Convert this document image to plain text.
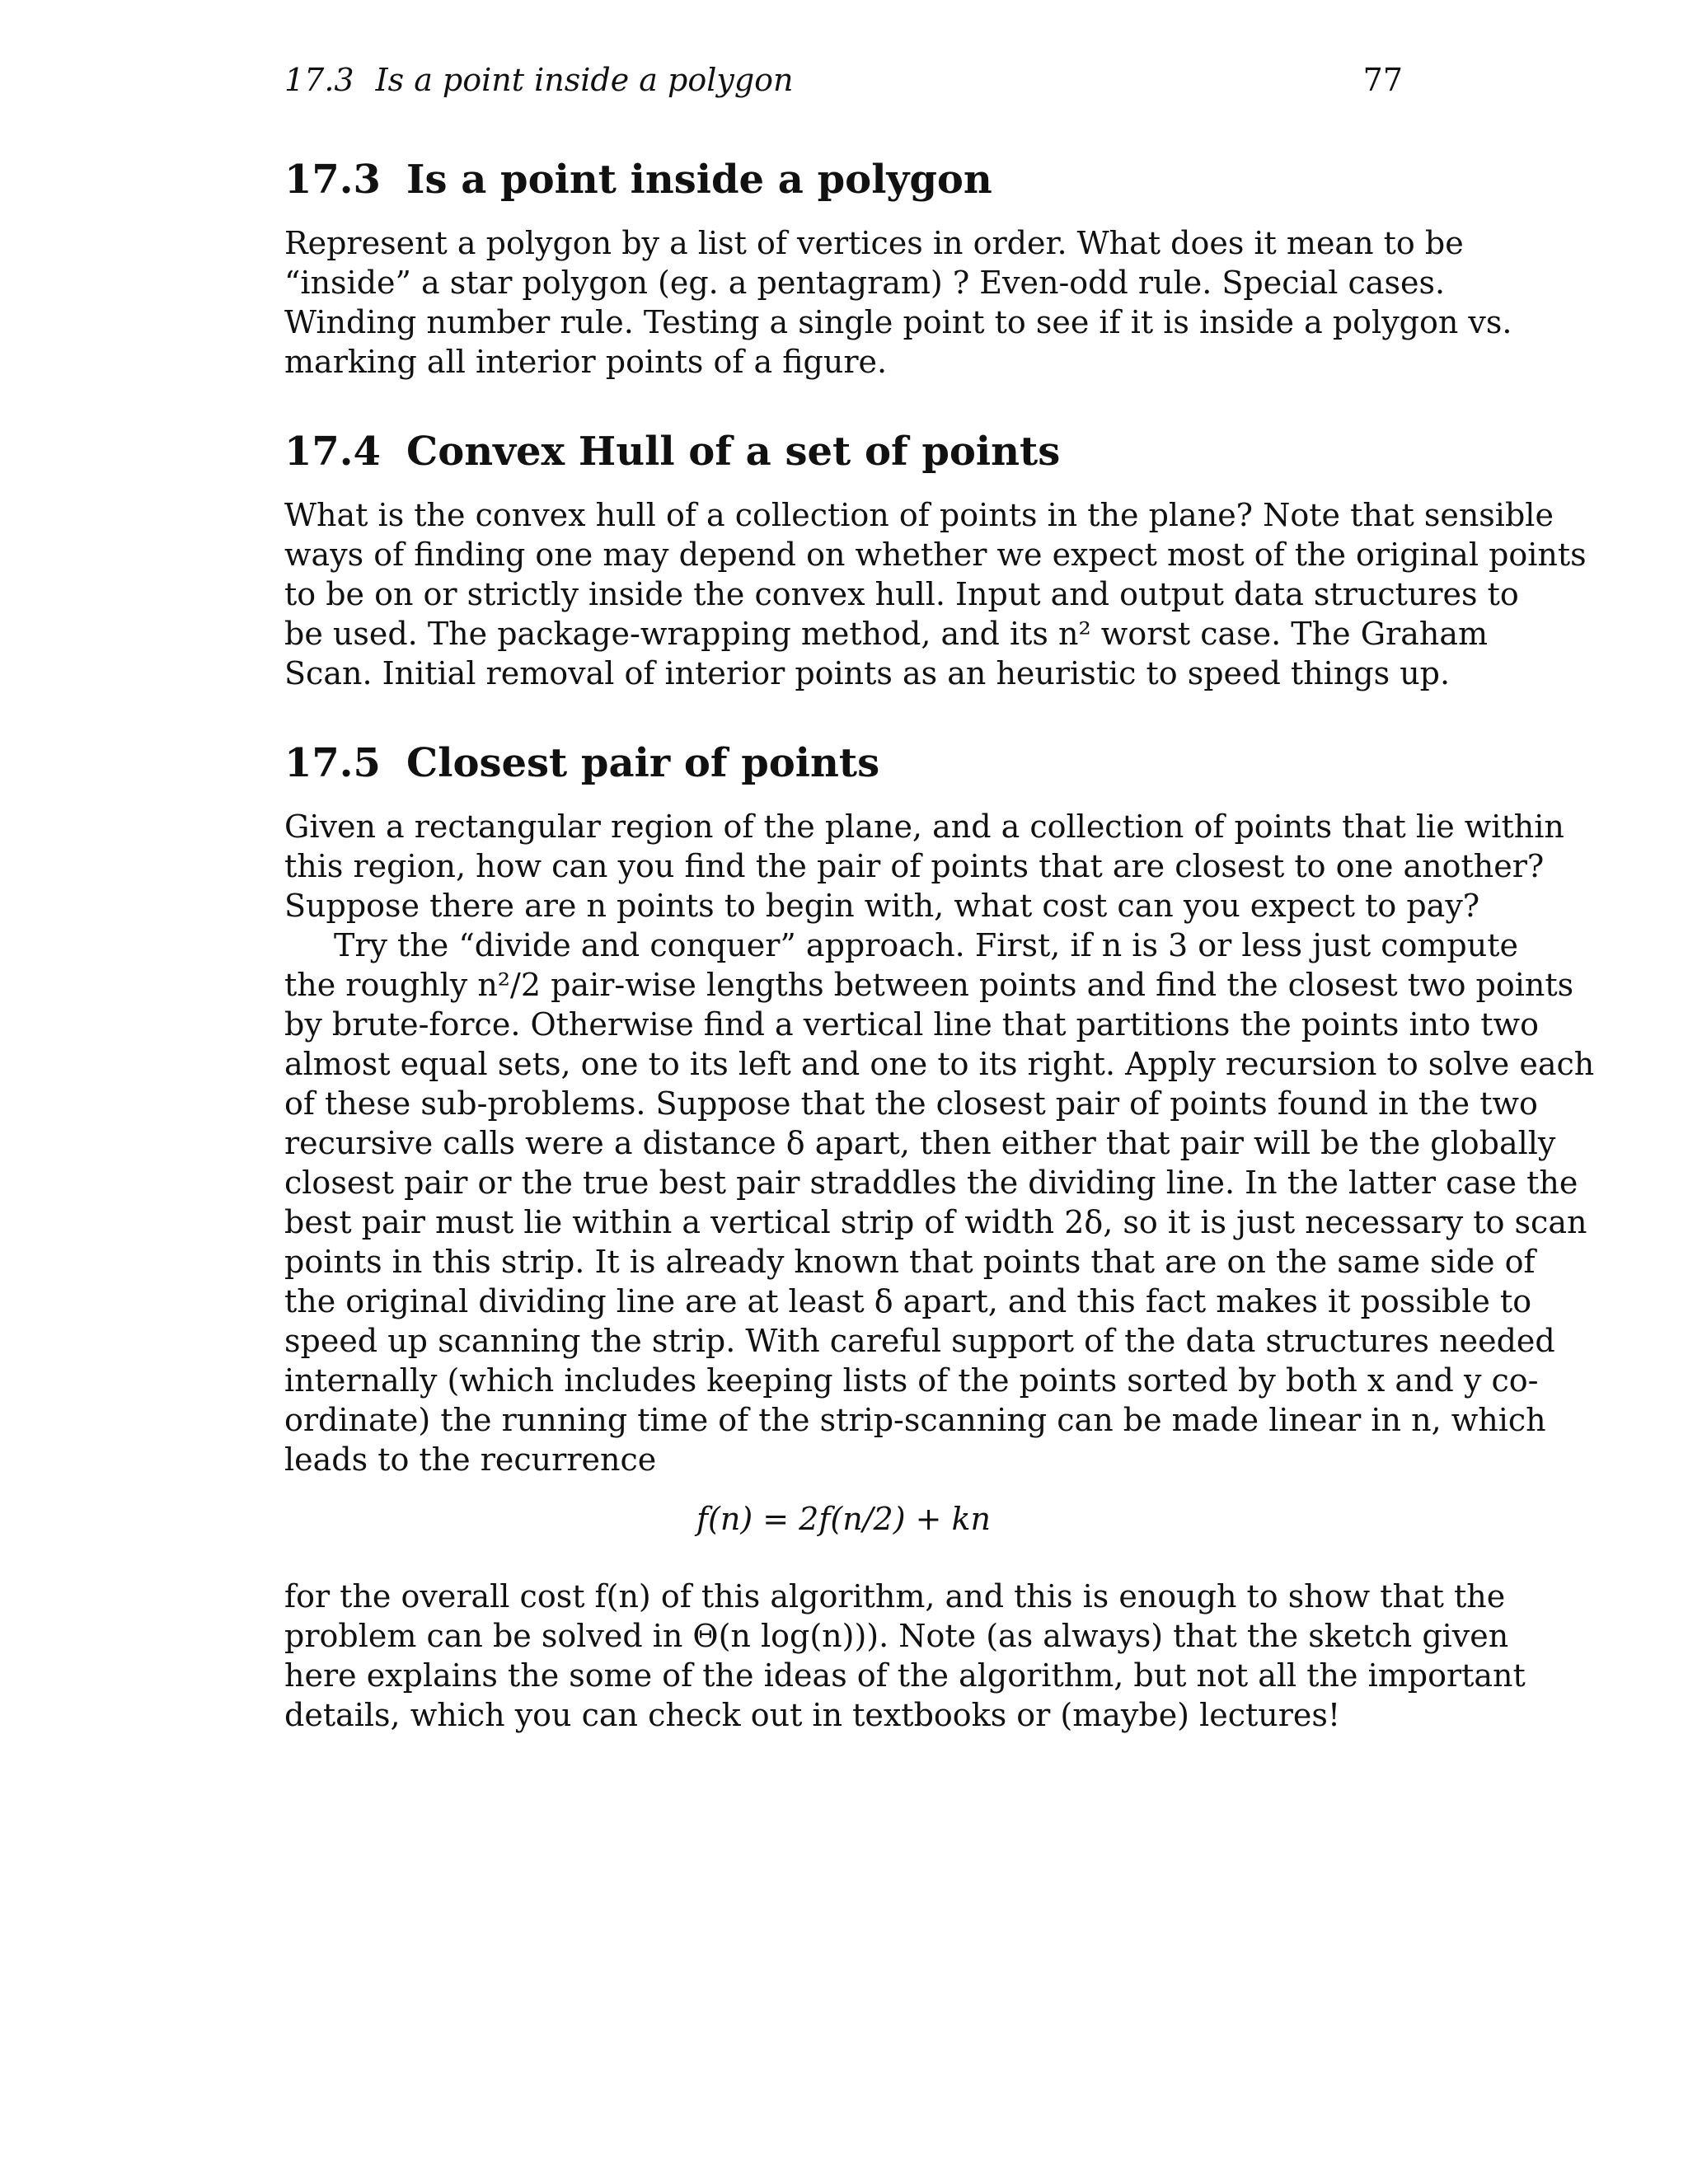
17.3 Is a point inside a polygon	77
17.3 Is a point inside a polygon
Represent a polygon by a list of vertices in order. What does it mean to be
“inside” a star polygon (eg. a pentagram) ? Even-odd rule. Special cases.
Winding number rule. Testing a single point to see if it is inside a polygon vs.
marking all interior points of a figure.
17.4 Convex Hull of a set of points
What is the convex hull of a collection of points in the plane? Note that sensible
ways of finding one may depend on whether we expect most of the original points
to be on or strictly inside the convex hull. Input and output data structures to
be used. The package-wrapping method, and its n² worst case. The Graham
Scan. Initial removal of interior points as an heuristic to speed things up.
17.5 Closest pair of points
Given a rectangular region of the plane, and a collection of points that lie within
this region, how can you find the pair of points that are closest to one another?
Suppose there are n points to begin with, what cost can you expect to pay?
Try the “divide and conquer” approach. First, if n is 3 or less just compute
the roughly n²/2 pair-wise lengths between points and find the closest two points
by brute-force. Otherwise find a vertical line that partitions the points into two
almost equal sets, one to its left and one to its right. Apply recursion to solve each
of these sub-problems. Suppose that the closest pair of points found in the two
recursive calls were a distance δ apart, then either that pair will be the globally
closest pair or the true best pair straddles the dividing line. In the latter case the
best pair must lie within a vertical strip of width 2δ, so it is just necessary to scan
points in this strip. It is already known that points that are on the same side of
the original dividing line are at least δ apart, and this fact makes it possible to
speed up scanning the strip. With careful support of the data structures needed
internally (which includes keeping lists of the points sorted by both x and y co-
ordinate) the running time of the strip-scanning can be made linear in n, which
leads to the recurrence
f(n) = 2f(n/2) + kn
for the overall cost f(n) of this algorithm, and this is enough to show that the
problem can be solved in Θ(n log(n))). Note (as always) that the sketch given
here explains the some of the ideas of the algorithm, but not all the important
details, which you can check out in textbooks or (maybe) lectures!
